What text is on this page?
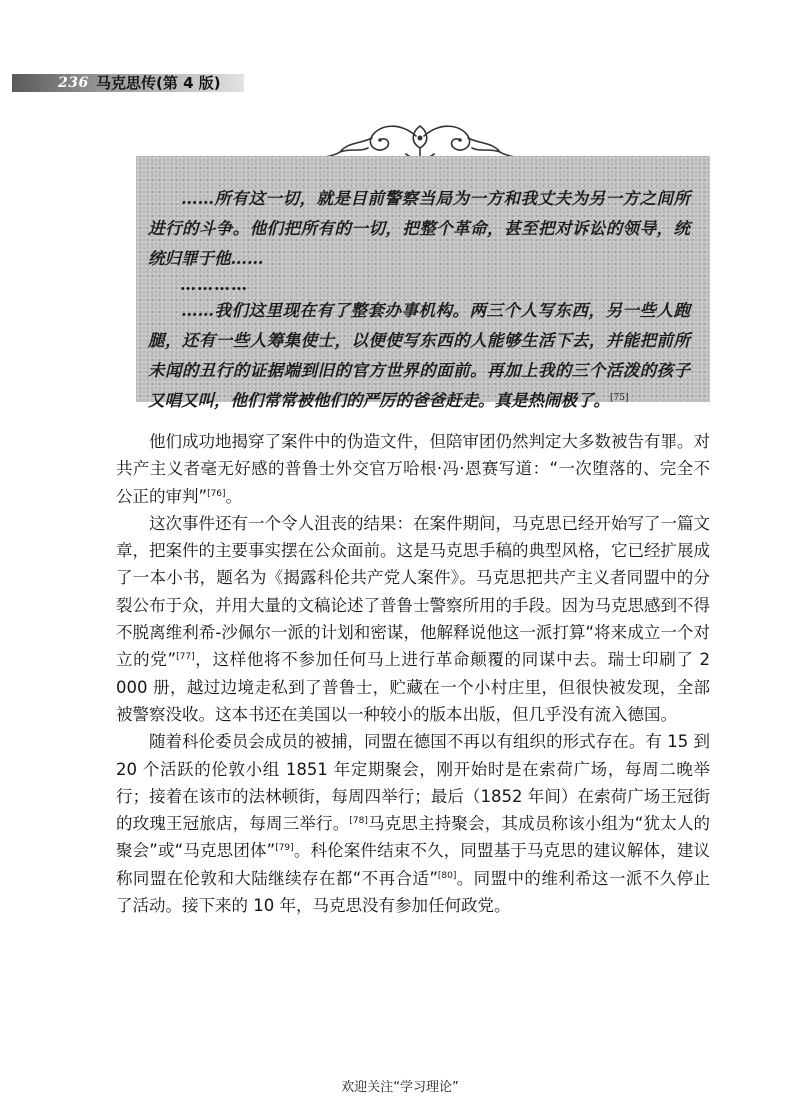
236 马克思传(第 4 版)

……所有这一切，就是目前警察当局为一方和我丈夫为另一方之间所进行的斗争。他们把所有的一切，把整个革命，甚至把对诉讼的领导，统统归罪于他……

…………

……我们这里现在有了整套办事机构。两三个人写东西，另一些人跑腿，还有一些人筹集使士，以便使写东西的人能够生活下去，并能把前所未闻的丑行的证据端到旧的官方世界的面前。再加上我的三个活泼的孩子又唱又叫，他们常常被他们的严厉的爸爸赶走。真是热闹极了。[75]

他们成功地揭穿了案件中的伪造文件，但陪审团仍然判定大多数被告有罪。对共产主义者毫无好感的普鲁士外交官万哈根·冯·恩赛写道：“一次堕落的、完全不公正的审判”[76]。

这次事件还有一个令人沮丧的结果：在案件期间，马克思已经开始写了一篇文章，把案件的主要事实摆在公众面前。这是马克思手稿的典型风格，它已经扩展成了一本小书，题名为《揭露科伦共产党人案件》。马克思把共产主义者同盟中的分裂公布于众，并用大量的文稿论述了普鲁士警察所用的手段。因为马克思感到不得不脱离维利希-沙佩尔一派的计划和密谋，他解释说他这一派打算“将来成立一个对立的党”[77]，这样他将不参加任何马上进行革命颠覆的同谋中去。瑞士印刷了 2 000 册，越过边境走私到了普鲁士，贮藏在一个小村庄里，但很快被发现，全部被警察没收。这本书还在美国以一种较小的版本出版，但几乎没有流入德国。

随着科伦委员会成员的被捕，同盟在德国不再以有组织的形式存在。有 15 到 20 个活跃的伦敦小组 1851 年定期聚会，刚开始时是在索荷广场，每周二晚举行；接着在该市的法林顿街，每周四举行；最后（1852 年间）在索荷广场王冠街的玫瑰王冠旅店，每周三举行。[78]马克思主持聚会，其成员称该小组为“犹太人的聚会”或“马克思团体”[79]。科伦案件结束不久，同盟基于马克思的建议解体，建议称同盟在伦敦和大陆继续存在都“不再合适”[80]。同盟中的维利希这一派不久停止了活动。接下来的 10 年，马克思没有参加任何政党。

欢迎关注“学习理论”
